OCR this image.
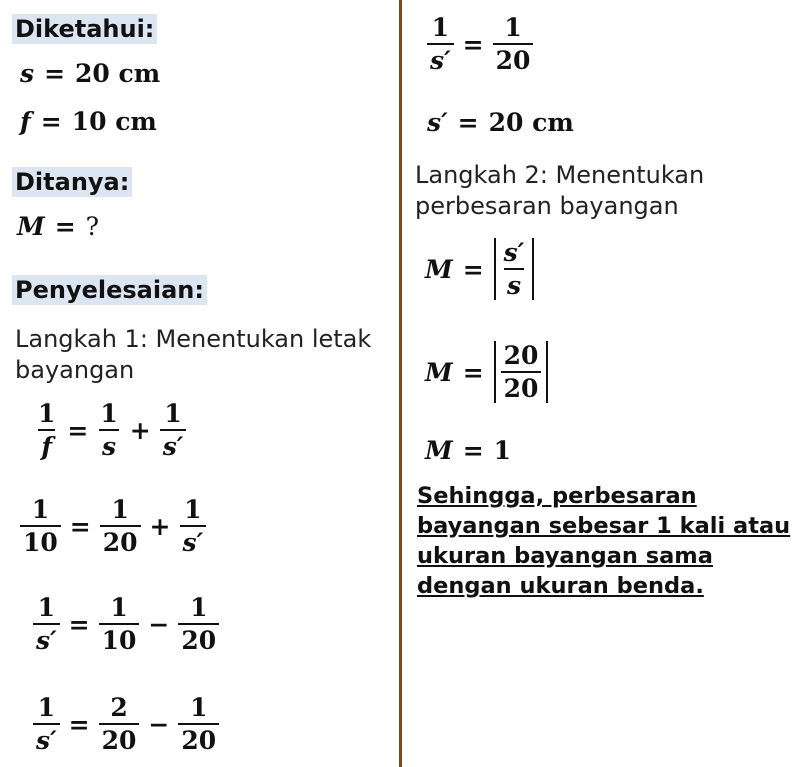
Diketahui:
s = 20 cm
f = 10 cm
Ditanya:
M = ?
Penyelesaian:
Langkah 1: Menentukan letak bayangan
$\frac{1}{f} = \frac{1}{s} + \frac{1}{s'}$
$\frac{1}{10} = \frac{1}{20} + \frac{1}{s'}$
$\frac{1}{s'} = \frac{1}{10} - \frac{1}{20}$
$\frac{1}{s'} = \frac{2}{20} - \frac{1}{20}$
$\frac{1}{s'} = \frac{1}{20}$
s′ = 20 cm
Langkah 2: Menentukan perbesaran bayangan
$M = \frac{s'}{s}$
$M = \frac{20}{20}$
M = 1
Sehingga, perbesaran bayangan sebesar 1 kali atau ukuran bayangan sama dengan ukuran benda.
